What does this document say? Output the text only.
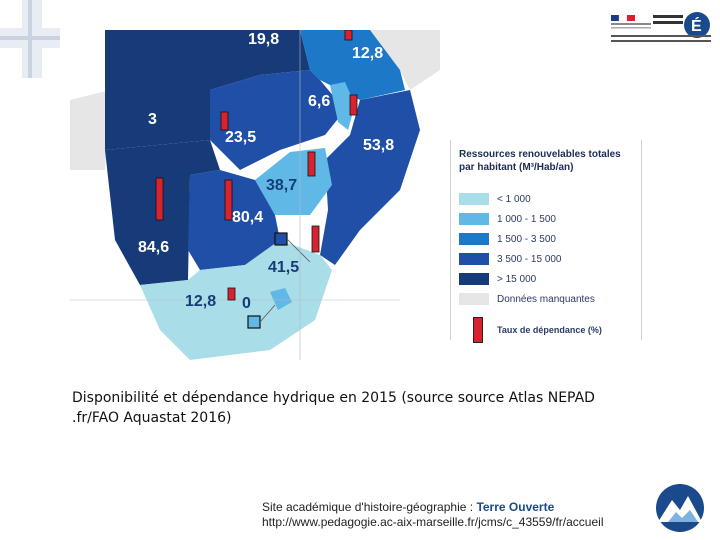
19,8
12,8
3
6,6
23,5	53,8
38,7
80,4
84,6
41,5
12,8 0
É
Ressources renouvelables totales par habitant (M³/Hab/an)
< 1 000
1 000 - 1 500
1 500 - 3 500
3 500 - 15 000
> 15 000
Données manquantes
Taux de dépendance (%)
Disponibilité et dépendance hydrique en 2015 (source source Atlas NEPAD
.fr/FAO Aquastat 2016)
Site académique d'histoire-géographie : Terre Ouverte
http://www.pedagogie.ac-aix-marseille.fr/jcms/c_43559/fr/accueil
